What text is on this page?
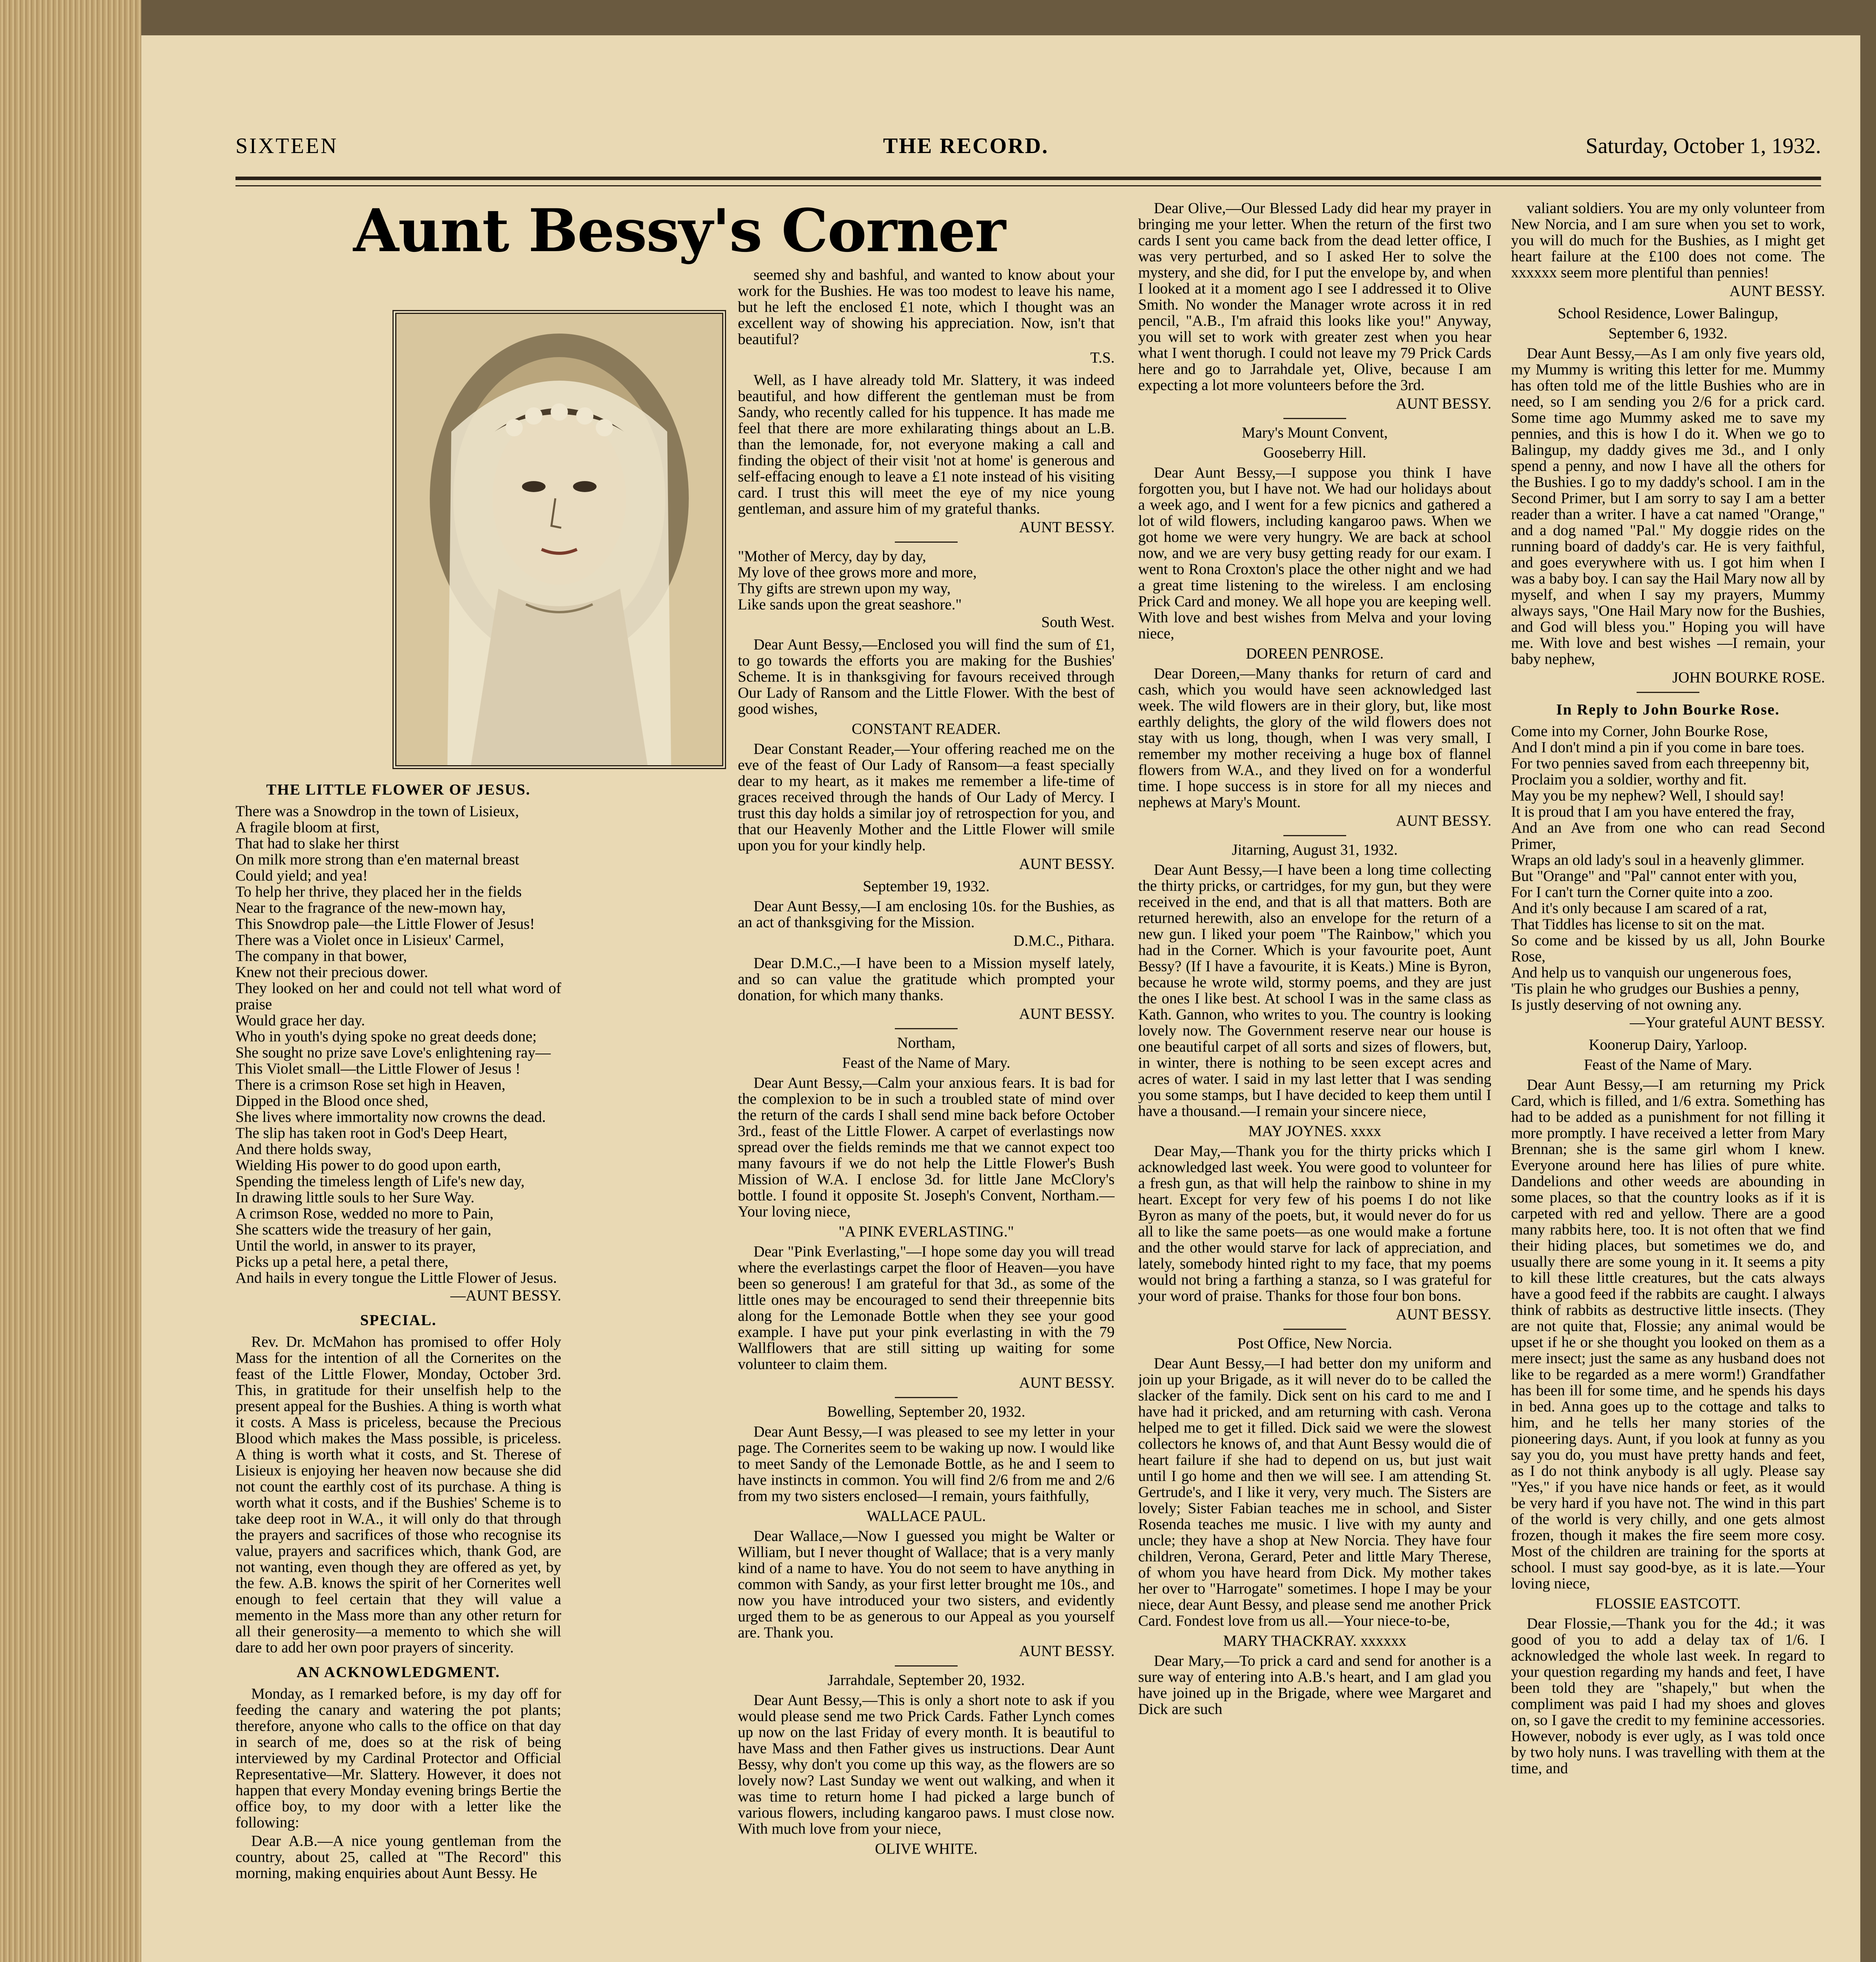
SIXTEEN	THE RECORD.	Saturday, October 1, 1932.
Aunt Bessy's Corner
THE LITTLE FLOWER OF JESUS.
There was a Snowdrop in the town of Lisieux,
A fragile bloom at first,
That had to slake her thirst
On milk more strong than e'en maternal breast
Could yield; and yea!
To help her thrive, they placed her in the fields
Near to the fragrance of the new-mown hay,
This Snowdrop pale—the Little Flower of Jesus!
There was a Violet once in Lisieux' Carmel,
The company in that bower,
Knew not their precious dower.
They looked on her and could not tell what word of praise
Would grace her day.
Who in youth's dying spoke no great deeds done;
She sought no prize save Love's enlightening ray—
This Violet small—the Little Flower of Jesus !
There is a crimson Rose set high in Heaven,
Dipped in the Blood once shed,
She lives where immortality now crowns the dead.
The slip has taken root in God's Deep Heart,
And there holds sway,
Wielding His power to do good upon earth,
Spending the timeless length of Life's new day,
In drawing little souls to her Sure Way.
A crimson Rose, wedded no more to Pain,
She scatters wide the treasury of her gain,
Until the world, in answer to its prayer,
Picks up a petal here, a petal there,
And hails in every tongue the Little Flower of Jesus.
—AUNT BESSY.
SPECIAL.
Rev. Dr. McMahon has promised to offer Holy Mass for the intention of all the Cornerites on the feast of the Little Flower, Monday, October 3rd. This, in gratitude for their unselfish help to the present appeal for the Bushies. A thing is worth what it costs. A Mass is priceless, because the Precious Blood which makes the Mass possible, is priceless. A thing is worth what it costs, and St. Therese of Lisieux is enjoying her heaven now because she did not count the earthly cost of its purchase. A thing is worth what it costs, and if the Bushies' Scheme is to take deep root in W.A., it will only do that through the prayers and sacrifices of those who recognise its value, prayers and sacrifices which, thank God, are not wanting, even though they are offered as yet, by the few. A.B. knows the spirit of her Cornerites well enough to feel certain that they will value a memento in the Mass more than any other return for all their generosity—a memento to which she will dare to add her own poor prayers of sincerity.
AN ACKNOWLEDGMENT.
Monday, as I remarked before, is my day off for feeding the canary and watering the pot plants; therefore, anyone who calls to the office on that day in search of me, does so at the risk of being interviewed by my Cardinal Protector and Official Representative—Mr. Slattery. However, it does not happen that every Monday evening brings Bertie the office boy, to my door with a letter like the following:
Dear A.B.—A nice young gentleman from the country, about 25, called at "The Record" this morning, making enquiries about Aunt Bessy. He
seemed shy and bashful, and wanted to know about your work for the Bushies. He was too modest to leave his name, but he left the enclosed £1 note, which I thought was an excellent way of showing his appreciation. Now, isn't that beautiful?
T.S.
Well, as I have already told Mr. Slattery, it was indeed beautiful, and how different the gentleman must be from Sandy, who recently called for his tuppence. It has made me feel that there are more exhilarating things about an L.B. than the lemonade, for, not everyone making a call and finding the object of their visit 'not at home' is generous and self-effacing enough to leave a £1 note instead of his visiting card. I trust this will meet the eye of my nice young gentleman, and assure him of my grateful thanks.
AUNT BESSY.
"Mother of Mercy, day by day,
My love of thee grows more and more,
Thy gifts are strewn upon my way,
Like sands upon the great seashore."
South West.
Dear Aunt Bessy,—Enclosed you will find the sum of £1, to go towards the efforts you are making for the Bushies' Scheme. It is in thanksgiving for favours received through Our Lady of Ransom and the Little Flower. With the best of good wishes,
CONSTANT READER.
Dear Constant Reader,—Your offering reached me on the eve of the feast of Our Lady of Ransom—a feast specially dear to my heart, as it makes me remember a life-time of graces received through the hands of Our Lady of Mercy. I trust this day holds a similar joy of retrospection for you, and that our Heavenly Mother and the Little Flower will smile upon you for your kindly help.
AUNT BESSY.
September 19, 1932.
Dear Aunt Bessy,—I am enclosing 10s. for the Bushies, as an act of thanksgiving for the Mission.
D.M.C., Pithara.
Dear D.M.C.,—I have been to a Mission myself lately, and so can value the gratitude which prompted your donation, for which many thanks.
AUNT BESSY.
Northam,
Feast of the Name of Mary.
Dear Aunt Bessy,—Calm your anxious fears. It is bad for the complexion to be in such a troubled state of mind over the return of the cards I shall send mine back before October 3rd., feast of the Little Flower. A carpet of everlastings now spread over the fields reminds me that we cannot expect too many favours if we do not help the Little Flower's Bush Mission of W.A. I enclose 3d. for little Jane McClory's bottle. I found it opposite St. Joseph's Convent, Northam.—Your loving niece,
"A PINK EVERLASTING."
Dear "Pink Everlasting,"—I hope some day you will tread where the everlastings carpet the floor of Heaven—you have been so generous! I am grateful for that 3d., as some of the little ones may be encouraged to send their threepennie bits along for the Lemonade Bottle when they see your good example. I have put your pink everlasting in with the 79 Wallflowers that are still sitting up waiting for some volunteer to claim them.
AUNT BESSY.
Bowelling, September 20, 1932.
Dear Aunt Bessy,—I was pleased to see my letter in your page. The Cornerites seem to be waking up now. I would like to meet Sandy of the Lemonade Bottle, as he and I seem to have instincts in common. You will find 2/6 from me and 2/6 from my two sisters enclosed—I remain, yours faithfully,
WALLACE PAUL.
Dear Wallace,—Now I guessed you might be Walter or William, but I never thought of Wallace; that is a very manly kind of a name to have. You do not seem to have anything in common with Sandy, as your first letter brought me 10s., and now you have introduced your two sisters, and evidently urged them to be as generous to our Appeal as you yourself are. Thank you.
AUNT BESSY.
Jarrahdale, September 20, 1932.
Dear Aunt Bessy,—This is only a short note to ask if you would please send me two Prick Cards. Father Lynch comes up now on the last Friday of every month. It is beautiful to have Mass and then Father gives us instructions. Dear Aunt Bessy, why don't you come up this way, as the flowers are so lovely now? Last Sunday we went out walking, and when it was time to return home I had picked a large bunch of various flowers, including kangaroo paws. I must close now. With much love from your niece,
OLIVE WHITE.
Dear Olive,—Our Blessed Lady did hear my prayer in bringing me your letter. When the return of the first two cards I sent you came back from the dead letter office, I was very perturbed, and so I asked Her to solve the mystery, and she did, for I put the envelope by, and when I looked at it a moment ago I see I addressed it to Olive Smith. No wonder the Manager wrote across it in red pencil, "A.B., I'm afraid this looks like you!" Anyway, you will set to work with greater zest when you hear what I went thorugh. I could not leave my 79 Prick Cards here and go to Jarrahdale yet, Olive, because I am expecting a lot more volunteers before the 3rd.
AUNT BESSY.
Mary's Mount Convent,
Gooseberry Hill.
Dear Aunt Bessy,—I suppose you think I have forgotten you, but I have not. We had our holidays about a week ago, and I went for a few picnics and gathered a lot of wild flowers, including kangaroo paws. When we got home we were very hungry. We are back at school now, and we are very busy getting ready for our exam. I went to Rona Croxton's place the other night and we had a great time listening to the wireless. I am enclosing Prick Card and money. We all hope you are keeping well. With love and best wishes from Melva and your loving niece,
DOREEN PENROSE.
Dear Doreen,—Many thanks for return of card and cash, which you would have seen acknowledged last week. The wild flowers are in their glory, but, like most earthly delights, the glory of the wild flowers does not stay with us long, though, when I was very small, I remember my mother receiving a huge box of flannel flowers from W.A., and they lived on for a wonderful time. I hope success is in store for all my nieces and nephews at Mary's Mount.
AUNT BESSY.
Jitarning, August 31, 1932.
Dear Aunt Bessy,—I have been a long time collecting the thirty pricks, or cartridges, for my gun, but they were received in the end, and that is all that matters. Both are returned herewith, also an envelope for the return of a new gun. I liked your poem "The Rainbow," which you had in the Corner. Which is your favourite poet, Aunt Bessy? (If I have a favourite, it is Keats.) Mine is Byron, because he wrote wild, stormy poems, and they are just the ones I like best. At school I was in the same class as Kath. Gannon, who writes to you. The country is looking lovely now. The Government reserve near our house is one beautiful carpet of all sorts and sizes of flowers, but, in winter, there is nothing to be seen except acres and acres of water. I said in my last letter that I was sending you some stamps, but I have decided to keep them until I have a thousand.—I remain your sincere niece,
MAY JOYNES. xxxx
Dear May,—Thank you for the thirty pricks which I acknowledged last week. You were good to volunteer for a fresh gun, as that will help the rainbow to shine in my heart. Except for very few of his poems I do not like Byron as many of the poets, but, it would never do for us all to like the same poets—as one would make a fortune and the other would starve for lack of appreciation, and lately, somebody hinted right to my face, that my poems would not bring a farthing a stanza, so I was grateful for your word of praise. Thanks for those four bon bons.
AUNT BESSY.
Post Office, New Norcia.
Dear Aunt Bessy,—I had better don my uniform and join up your Brigade, as it will never do to be called the slacker of the family. Dick sent on his card to me and I have had it pricked, and am returning with cash. Verona helped me to get it filled. Dick said we were the slowest collectors he knows of, and that Aunt Bessy would die of heart failure if she had to depend on us, but just wait until I go home and then we will see. I am attending St. Gertrude's, and I like it very, very much. The Sisters are lovely; Sister Fabian teaches me in school, and Sister Rosenda teaches me music. I live with my aunty and uncle; they have a shop at New Norcia. They have four children, Verona, Gerard, Peter and little Mary Therese, of whom you have heard from Dick. My mother takes her over to "Harrogate" sometimes. I hope I may be your niece, dear Aunt Bessy, and please send me another Prick Card. Fondest love from us all.—Your niece-to-be,
MARY THACKRAY. xxxxxx
Dear Mary,—To prick a card and send for another is a sure way of entering into A.B.'s heart, and I am glad you have joined up in the Brigade, where wee Margaret and Dick are such
valiant soldiers. You are my only volunteer from New Norcia, and I am sure when you set to work, you will do much for the Bushies, as I might get heart failure at the £100 does not come. The xxxxxx seem more plentiful than pennies!
AUNT BESSY.
School Residence, Lower Balingup,
September 6, 1932.
Dear Aunt Bessy,—As I am only five years old, my Mummy is writing this letter for me. Mummy has often told me of the little Bushies who are in need, so I am sending you 2/6 for a prick card. Some time ago Mummy asked me to save my pennies, and this is how I do it. When we go to Balingup, my daddy gives me 3d., and I only spend a penny, and now I have all the others for the Bushies. I go to my daddy's school. I am in the Second Primer, but I am sorry to say I am a better reader than a writer. I have a cat named "Orange," and a dog named "Pal." My doggie rides on the running board of daddy's car. He is very faithful, and goes everywhere with us. I got him when I was a baby boy. I can say the Hail Mary now all by myself, and when I say my prayers, Mummy always says, "One Hail Mary now for the Bushies, and God will bless you." Hoping you will have me. With love and best wishes —I remain, your baby nephew,
JOHN BOURKE ROSE.
In Reply to John Bourke Rose.
Come into my Corner, John Bourke Rose,
And I don't mind a pin if you come in bare toes.
For two pennies saved from each threepenny bit,
Proclaim you a soldier, worthy and fit.
May you be my nephew? Well, I should say!
It is proud that I am you have entered the fray,
And an Ave from one who can read Second Primer,
Wraps an old lady's soul in a heavenly glimmer.
But "Orange" and "Pal" cannot enter with you,
For I can't turn the Corner quite into a zoo.
And it's only because I am scared of a rat,
That Tiddles has license to sit on the mat.
So come and be kissed by us all, John Bourke Rose,
And help us to vanquish our ungenerous foes,
'Tis plain he who grudges our Bushies a penny,
Is justly deserving of not owning any.
—Your grateful AUNT BESSY.
Koonerup Dairy, Yarloop.
Feast of the Name of Mary.
Dear Aunt Bessy,—I am returning my Prick Card, which is filled, and 1/6 extra. Something has had to be added as a punishment for not filling it more promptly. I have received a letter from Mary Brennan; she is the same girl whom I knew. Everyone around here has lilies of pure white. Dandelions and other weeds are abounding in some places, so that the country looks as if it is carpeted with red and yellow. There are a good many rabbits here, too. It is not often that we find their hiding places, but sometimes we do, and usually there are some young in it. It seems a pity to kill these little creatures, but the cats always have a good feed if the rabbits are caught. I always think of rabbits as destructive little insects. (They are not quite that, Flossie; any animal would be upset if he or she thought you looked on them as a mere insect; just the same as any husband does not like to be regarded as a mere worm!) Grandfather has been ill for some time, and he spends his days in bed. Anna goes up to the cottage and talks to him, and he tells her many stories of the pioneering days. Aunt, if you look at funny as you say you do, you must have pretty hands and feet, as I do not think anybody is all ugly. Please say "Yes," if you have nice hands or feet, as it would be very hard if you have not. The wind in this part of the world is very chilly, and one gets almost frozen, though it makes the fire seem more cosy. Most of the children are training for the sports at school. I must say good-bye, as it is late.—Your loving niece,
FLOSSIE EASTCOTT.
Dear Flossie,—Thank you for the 4d.; it was good of you to add a delay tax of 1/6. I acknowledged the whole last week. In regard to your question regarding my hands and feet, I have been told they are "shapely," but when the compliment was paid I had my shoes and gloves on, so I gave the credit to my feminine accessories. However, nobody is ever ugly, as I was told once by two holy nuns. I was travelling with them at the time, and
